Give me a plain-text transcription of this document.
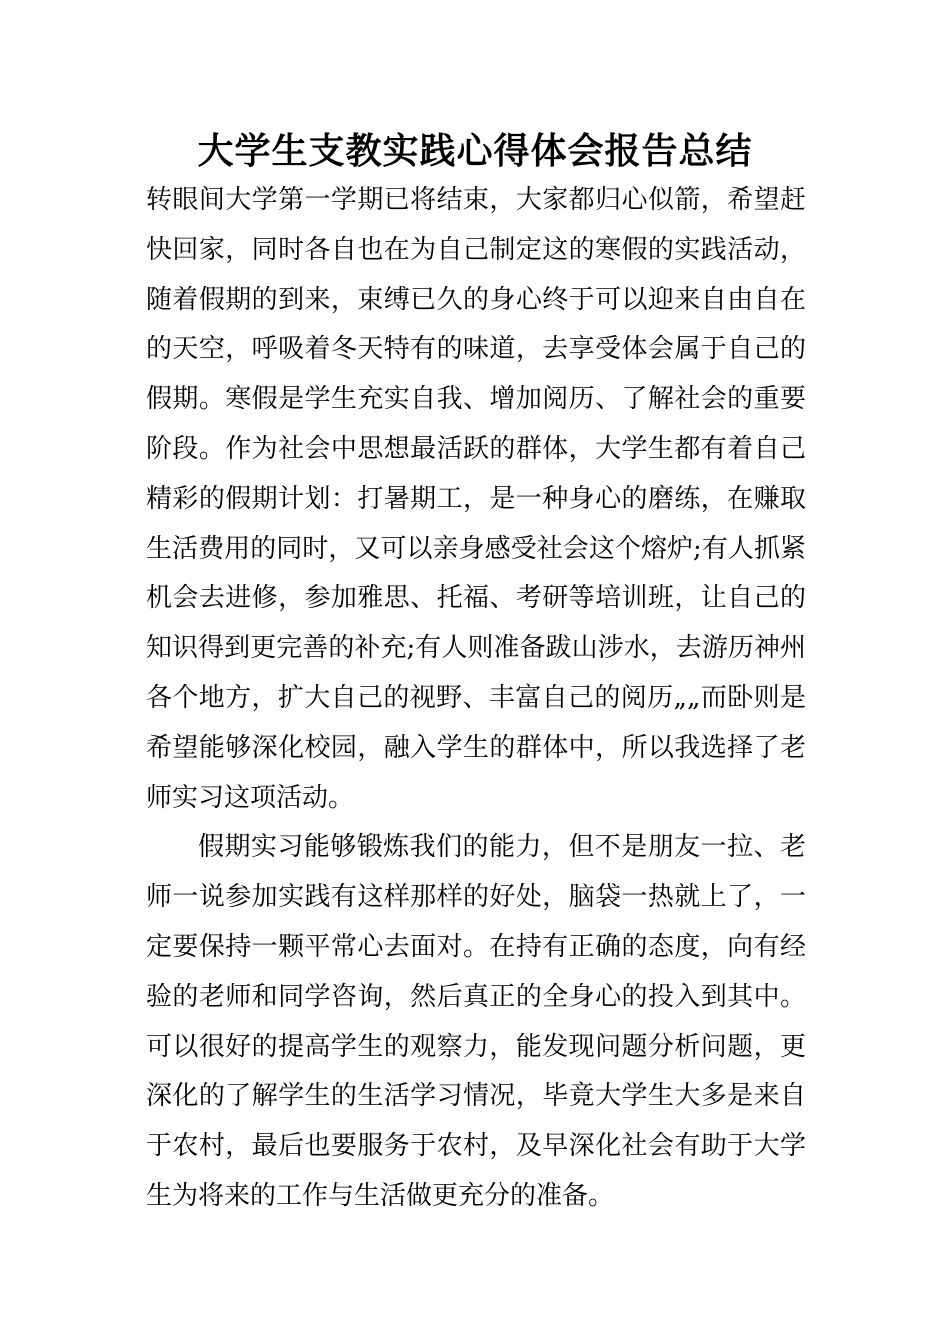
大学生支教实践心得体会报告总结

转眼间大学第一学期已将结束，大家都归心似箭，希望赶快回家，同时各自也在为自己制定这的寒假的实践活动，随着假期的到来，束缚已久的身心终于可以迎来自由自在的天空，呼吸着冬天特有的味道，去享受体会属于自己的假期。寒假是学生充实自我、增加阅历、了解社会的重要阶段。作为社会中思想最活跃的群体，大学生都有着自己精彩的假期计划：打暑期工，是一种身心的磨练，在赚取生活费用的同时，又可以亲身感受社会这个熔炉;有人抓紧机会去进修，参加雅思、托福、考研等培训班，让自己的知识得到更完善的补充;有人则准备跋山涉水，去游历神州各个地方，扩大自己的视野、丰富自己的阅历„„而卧则是希望能够深化校园，融入学生的群体中，所以我选择了老师实习这项活动。

假期实习能够锻炼我们的能力，但不是朋友一拉、老师一说参加实践有这样那样的好处，脑袋一热就上了，一定要保持一颗平常心去面对。在持有正确的态度，向有经验的老师和同学咨询，然后真正的全身心的投入到其中。可以很好的提高学生的观察力，能发现问题分析问题，更深化的了解学生的生活学习情况，毕竟大学生大多是来自于农村，最后也要服务于农村，及早深化社会有助于大学生为将来的工作与生活做更充分的准备。
